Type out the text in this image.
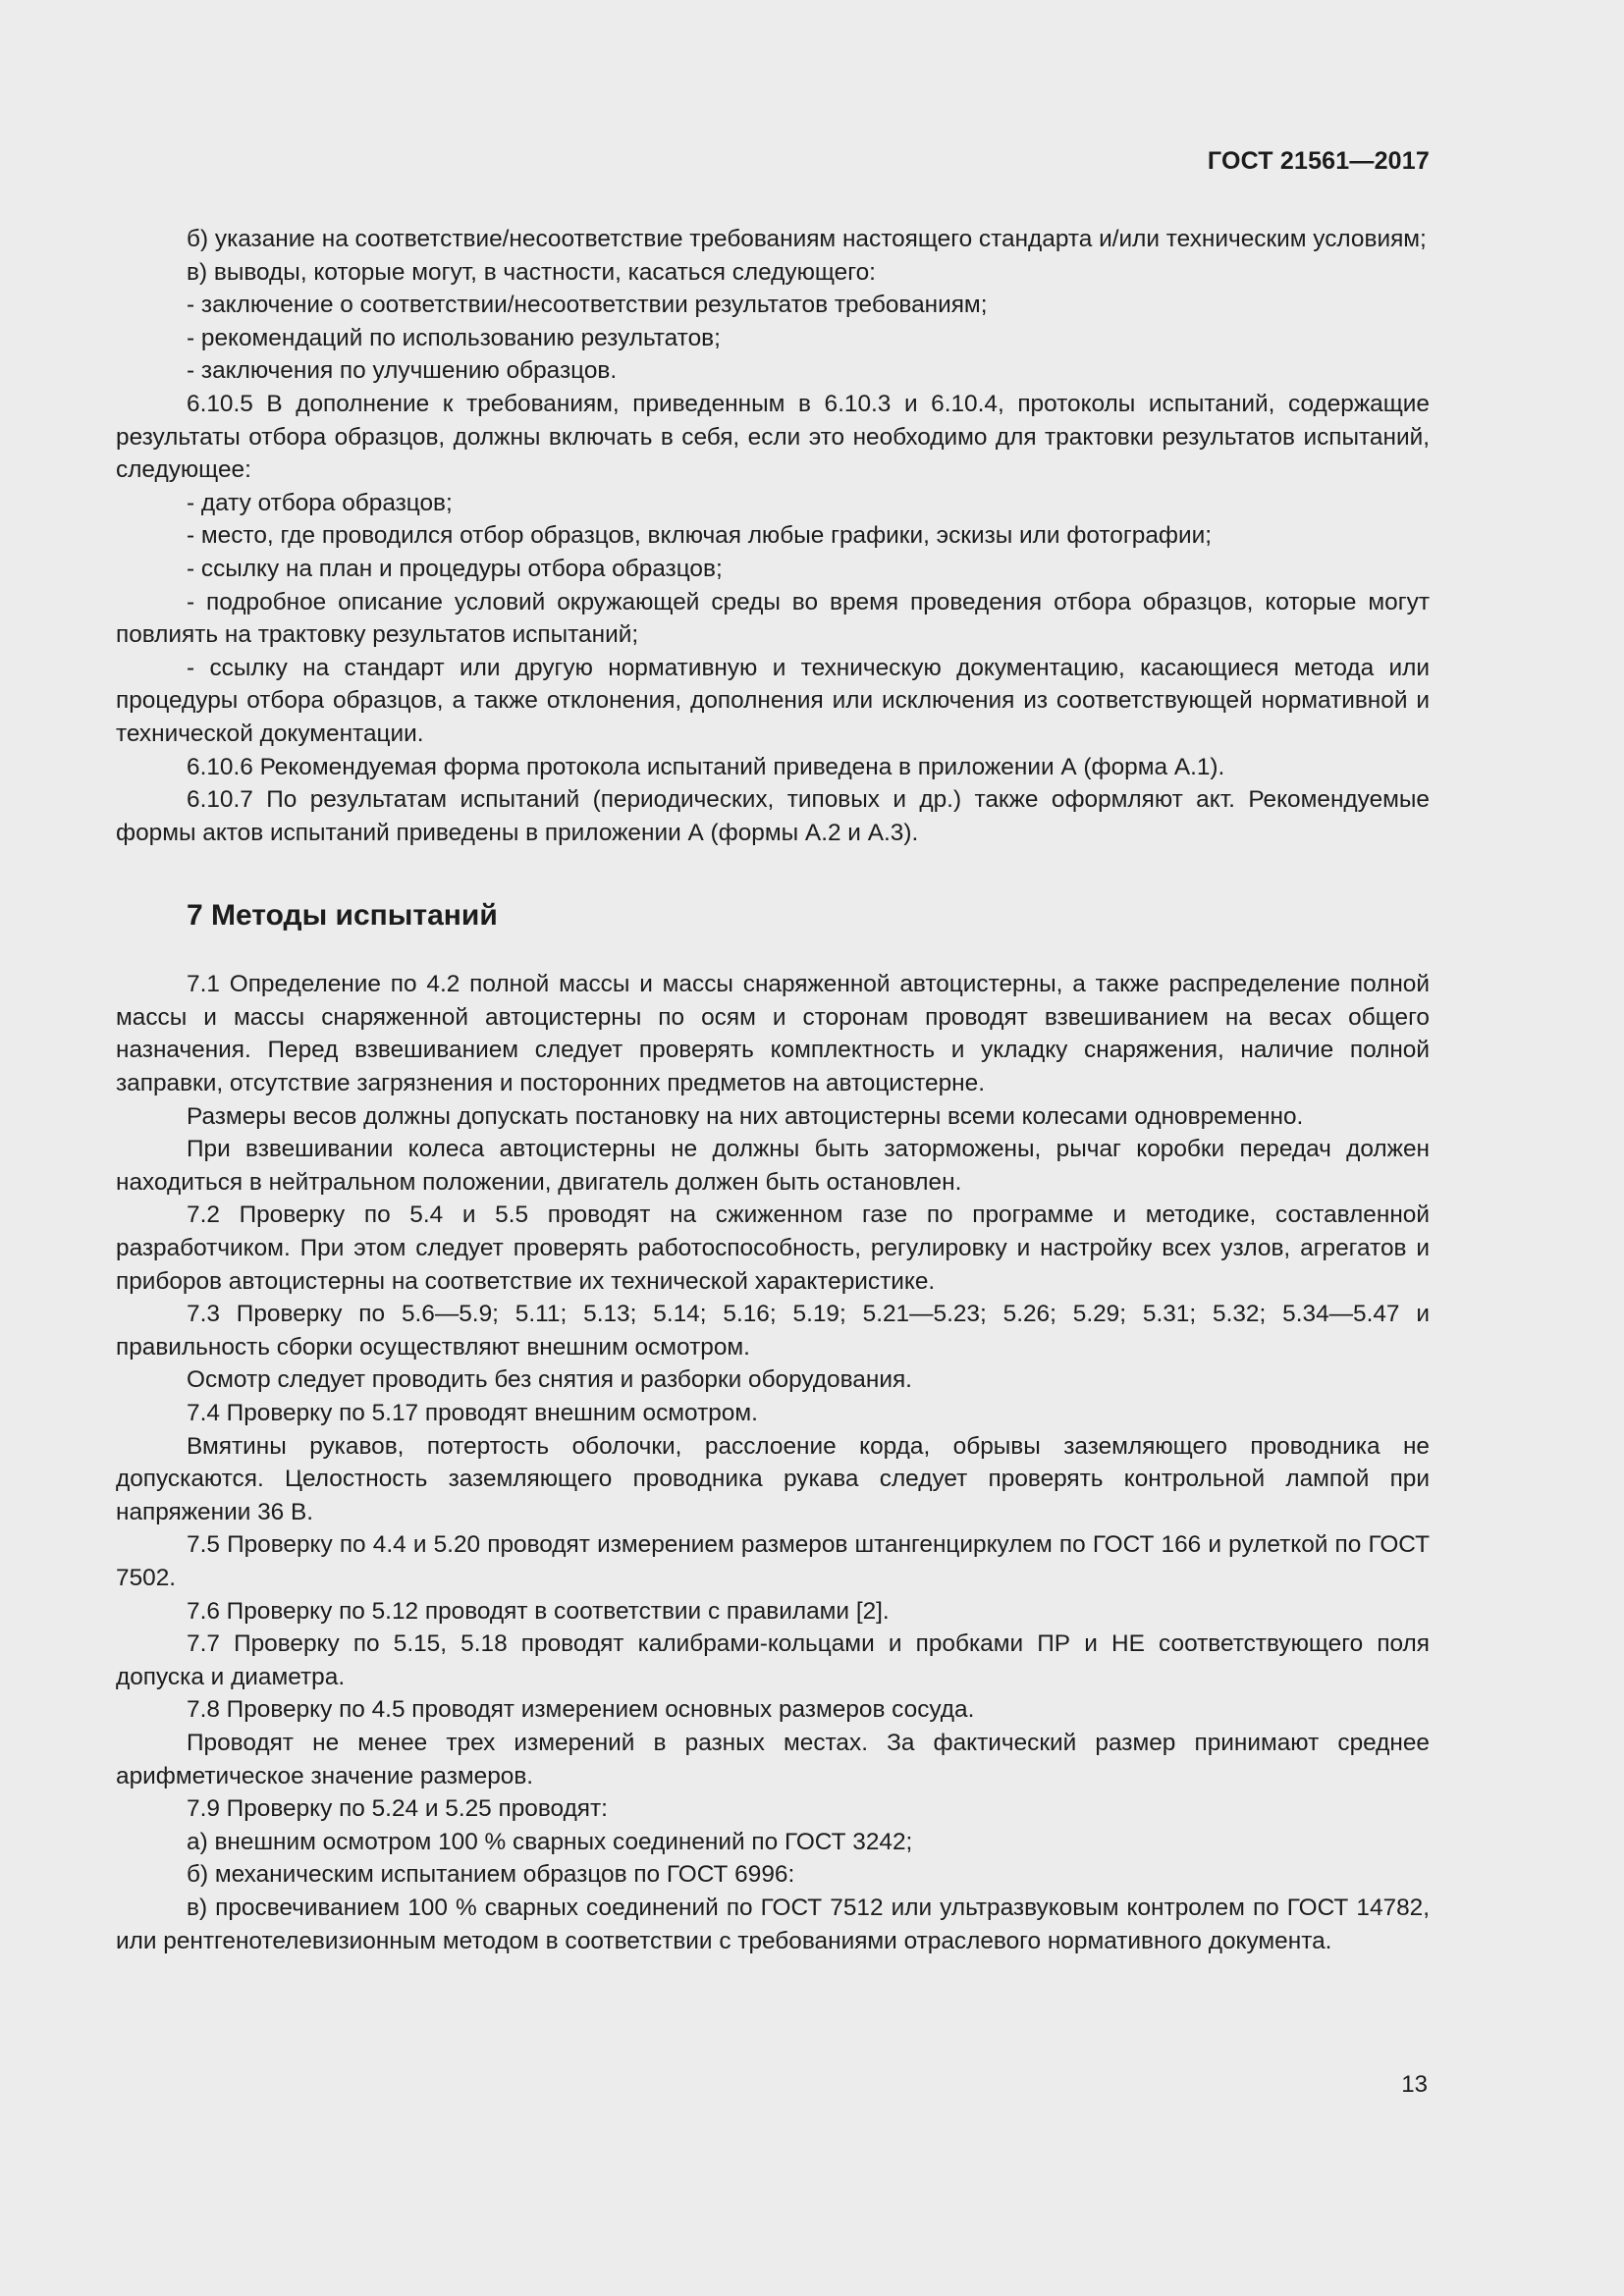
ГОСТ 21561—2017

б) указание на соответствие/несоответствие требованиям настоящего стандарта и/или техническим условиям;

в) выводы, которые могут, в частности, касаться следующего:

- заключение о соответствии/несоответствии результатов требованиям;

- рекомендаций по использованию результатов;

- заключения по улучшению образцов.

6.10.5 В дополнение к требованиям, приведенным в 6.10.3 и 6.10.4, протоколы испытаний, содержащие результаты отбора образцов, должны включать в себя, если это необходимо для трактовки результатов испытаний, следующее:

- дату отбора образцов;

- место, где проводился отбор образцов, включая любые графики, эскизы или фотографии;

- ссылку на план и процедуры отбора образцов;

- подробное описание условий окружающей среды во время проведения отбора образцов, которые могут повлиять на трактовку результатов испытаний;

- ссылку на стандарт или другую нормативную и техническую документацию, касающиеся метода или процедуры отбора образцов, а также отклонения, дополнения или исключения из соответствующей нормативной и технической документации.

6.10.6 Рекомендуемая форма протокола испытаний приведена в приложении А (форма А.1).

6.10.7 По результатам испытаний (периодических, типовых и др.) также оформляют акт. Рекомендуемые формы актов испытаний приведены в приложении А (формы А.2 и А.3).

7 Методы испытаний

7.1 Определение по 4.2 полной массы и массы снаряженной автоцистерны, а также распределение полной массы и массы снаряженной автоцистерны по осям и сторонам проводят взвешиванием на весах общего назначения. Перед взвешиванием следует проверять комплектность и укладку снаряжения, наличие полной заправки, отсутствие загрязнения и посторонних предметов на автоцистерне.

Размеры весов должны допускать постановку на них автоцистерны всеми колесами одновременно.

При взвешивании колеса автоцистерны не должны быть заторможены, рычаг коробки передач должен находиться в нейтральном положении, двигатель должен быть остановлен.

7.2 Проверку по 5.4 и 5.5 проводят на сжиженном газе по программе и методике, составленной разработчиком. При этом следует проверять работоспособность, регулировку и настройку всех узлов, агрегатов и приборов автоцистерны на соответствие их технической характеристике.

7.3 Проверку по 5.6—5.9; 5.11; 5.13; 5.14; 5.16; 5.19; 5.21—5.23; 5.26; 5.29; 5.31; 5.32; 5.34—5.47 и правильность сборки осуществляют внешним осмотром.

Осмотр следует проводить без снятия и разборки оборудования.

7.4 Проверку по 5.17 проводят внешним осмотром.

Вмятины рукавов, потертость оболочки, расслоение корда, обрывы заземляющего проводника не допускаются. Целостность заземляющего проводника рукава следует проверять контрольной лампой при напряжении 36 В.

7.5 Проверку по 4.4 и 5.20 проводят измерением размеров штангенциркулем по ГОСТ 166 и рулеткой по ГОСТ 7502.

7.6 Проверку по 5.12 проводят в соответствии с правилами [2].

7.7 Проверку по 5.15, 5.18 проводят калибрами-кольцами и пробками ПР и НЕ соответствующего поля допуска и диаметра.

7.8 Проверку по 4.5 проводят измерением основных размеров сосуда.

Проводят не менее трех измерений в разных местах. За фактический размер принимают среднее арифметическое значение размеров.

7.9 Проверку по 5.24 и 5.25 проводят:

а) внешним осмотром 100 % сварных соединений по ГОСТ 3242;

б) механическим испытанием образцов по ГОСТ 6996:

в) просвечиванием 100 % сварных соединений по ГОСТ 7512 или ультразвуковым контролем по ГОСТ 14782, или рентгенотелевизионным методом в соответствии с требованиями отраслевого нормативного документа.

13
